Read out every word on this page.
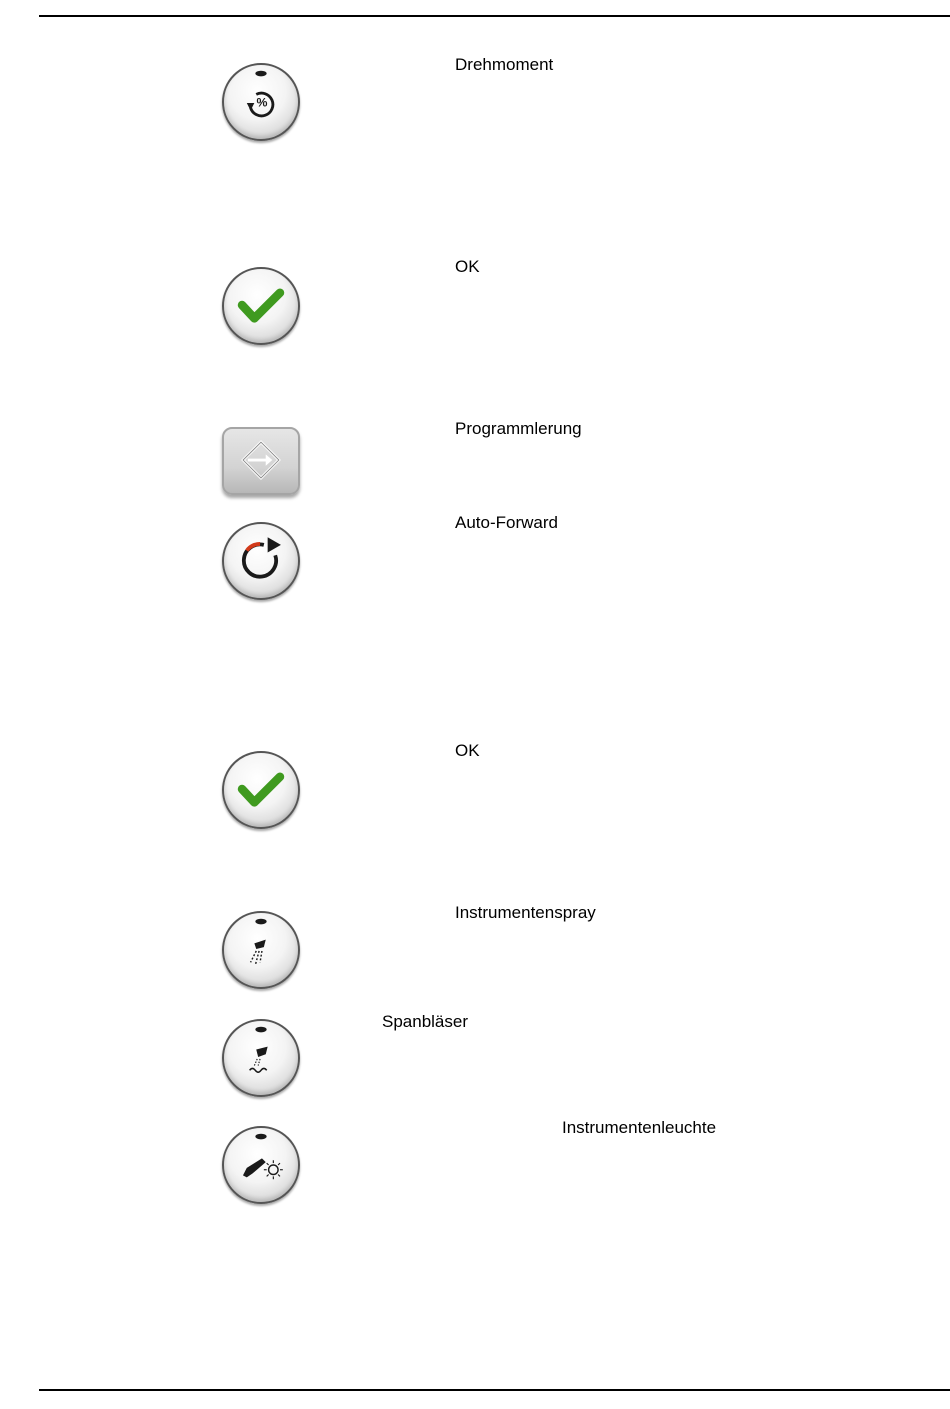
%
Drehmoment
OK
Programmlerung
Auto-Forward
OK
Instrumentenspray
Spanbläser
Instrumentenleuchte
